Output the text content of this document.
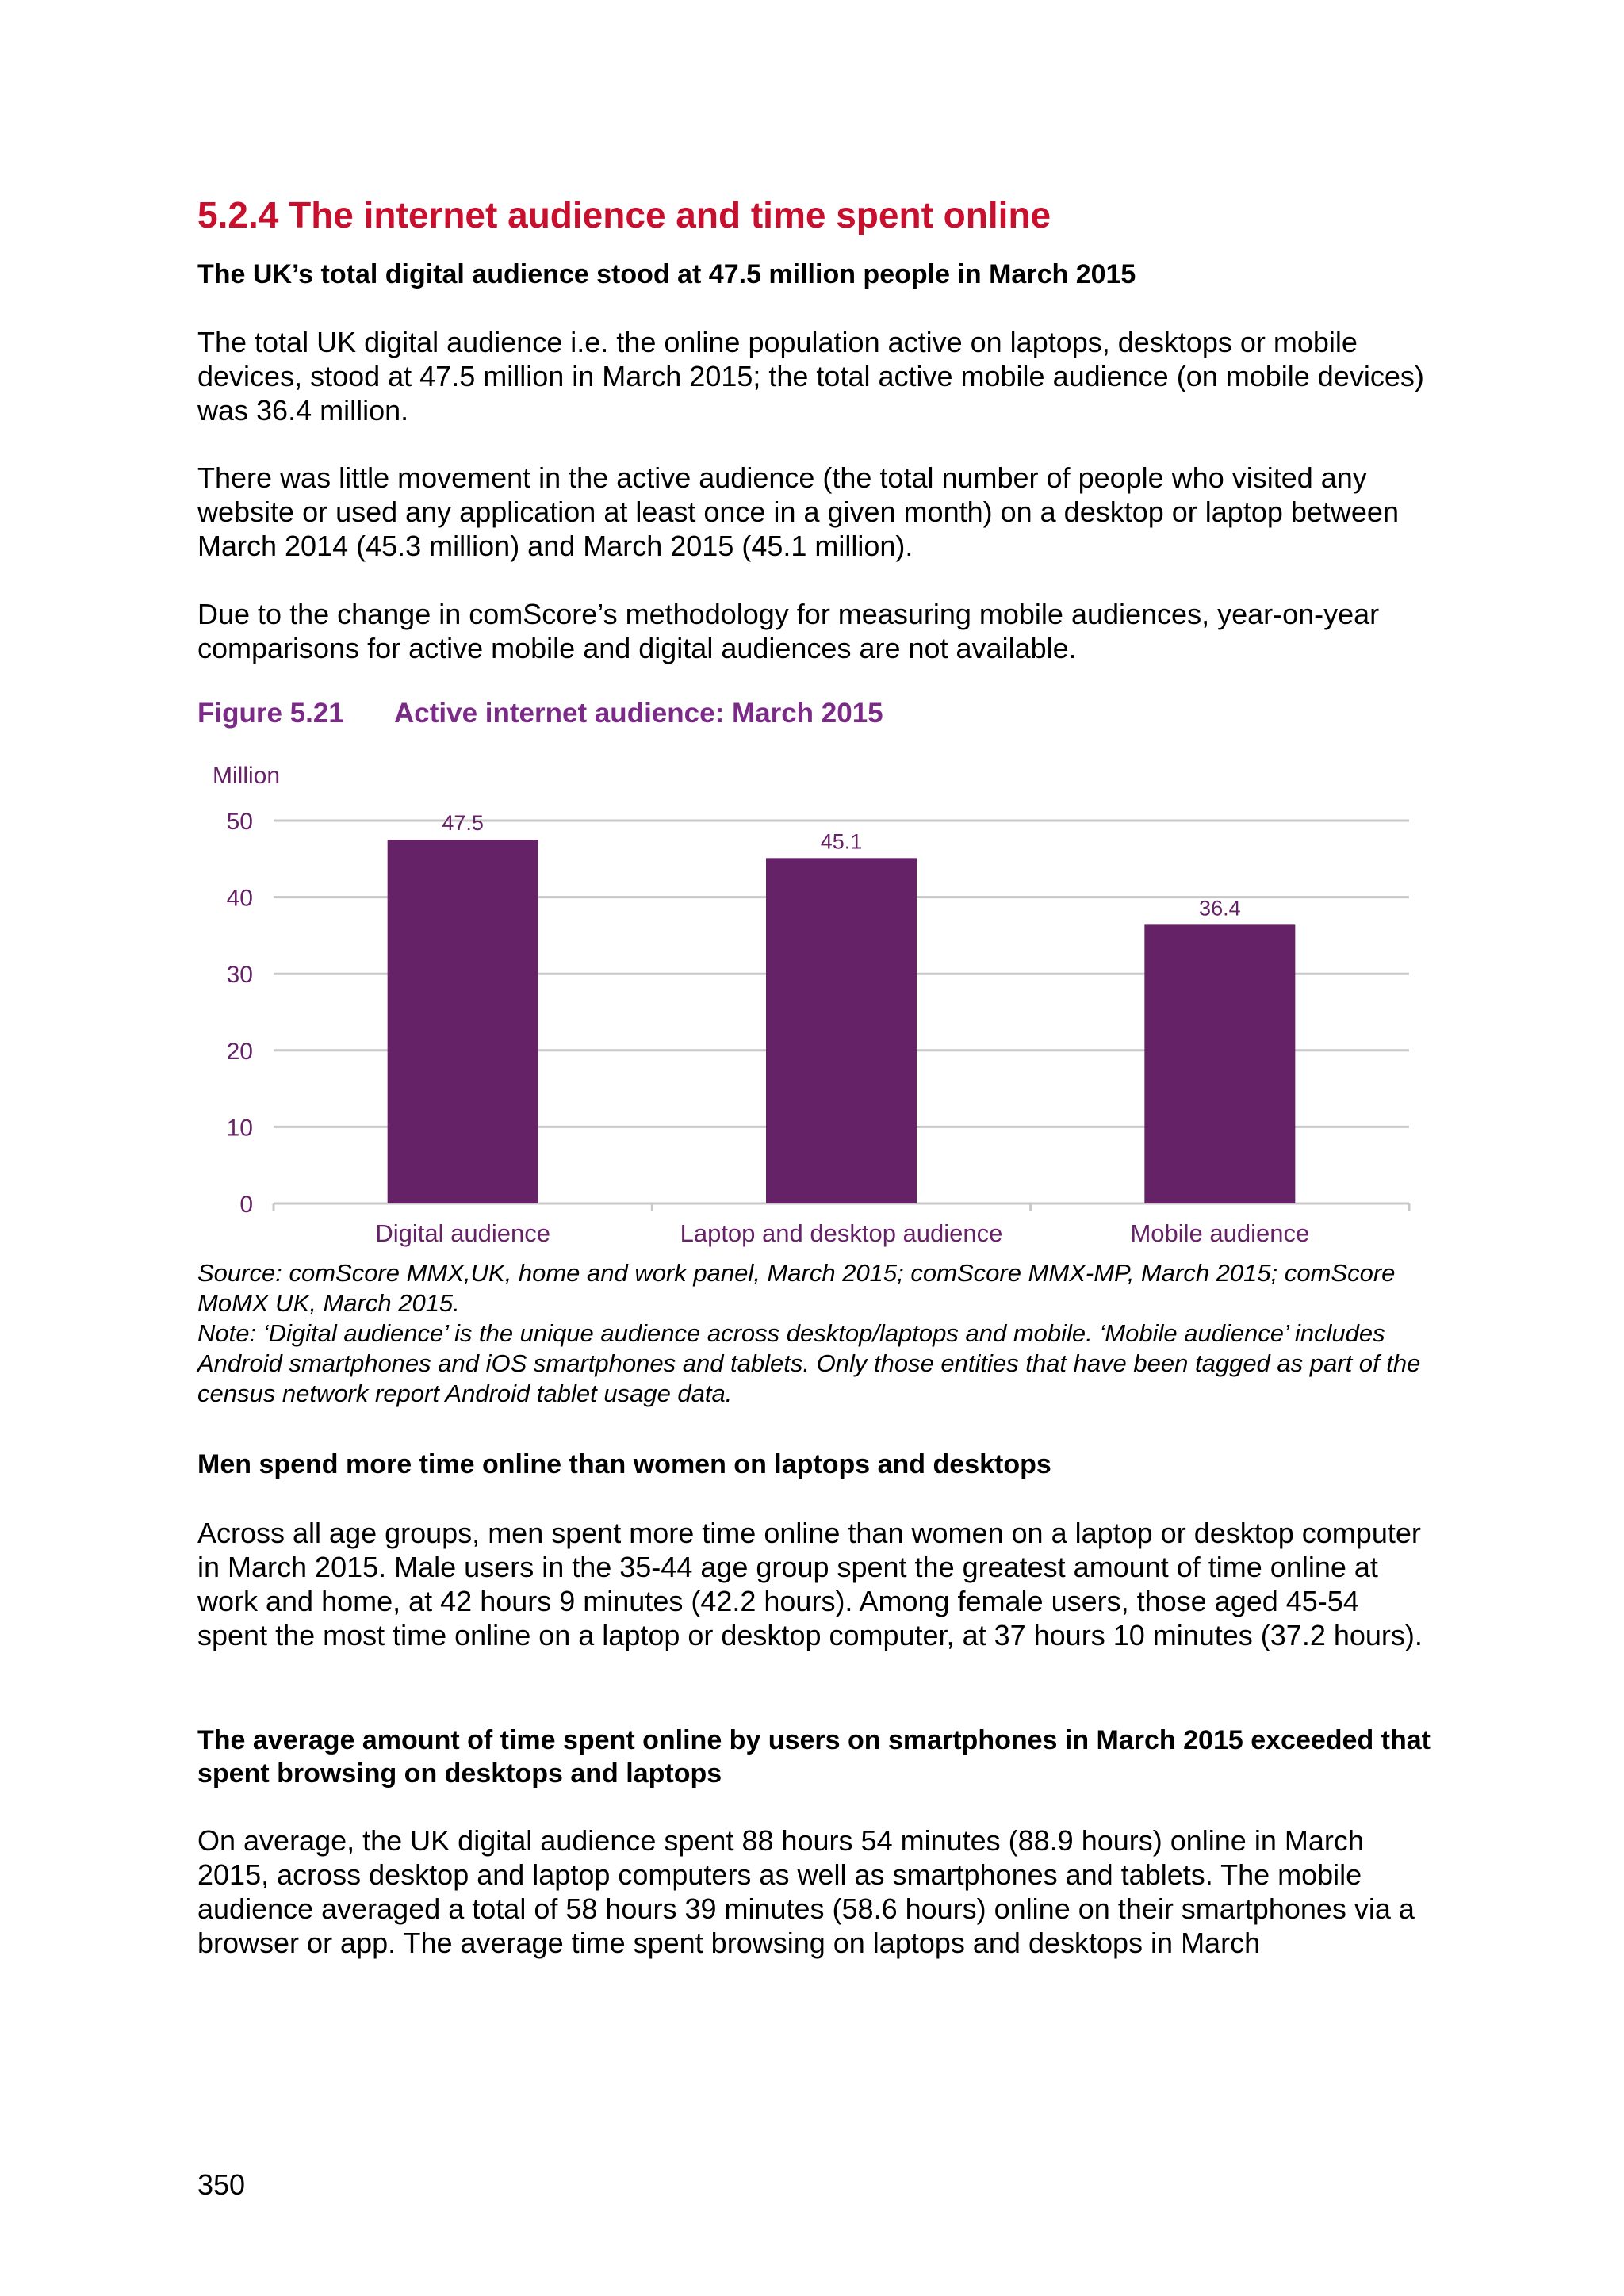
5.2.4 The internet audience and time spent online

The UK’s total digital audience stood at 47.5 million people in March 2015

The total UK digital audience i.e. the online population active on laptops, desktops or mobile devices, stood at 47.5 million in March 2015; the total active mobile audience (on mobile devices) was 36.4 million.

There was little movement in the active audience (the total number of people who visited any website or used any application at least once in a given month) on a desktop or laptop between March 2014 (45.3 million) and March 2015 (45.1 million).

Due to the change in comScore’s methodology for measuring mobile audiences, year-on-year comparisons for active mobile and digital audiences are not available.

Figure 5.21 Active internet audience: March 2015

Million
0
10
20
30
40
50	47.5
Digital audience
45.1
Laptop and desktop audience
36.4
Mobile audience
Source: comScore MMX,UK, home and work panel, March 2015; comScore MMX-MP, March 2015; comScore MoMX UK, March 2015.
Note: ‘Digital audience’ is the unique audience across desktop/laptops and mobile. ‘Mobile audience’ includes Android smartphones and iOS smartphones and tablets. Only those entities that have been tagged as part of the census network report Android tablet usage data.

Men spend more time online than women on laptops and desktops

Across all age groups, men spent more time online than women on a laptop or desktop computer in March 2015. Male users in the 35-44 age group spent the greatest amount of time online at work and home, at 42 hours 9 minutes (42.2 hours). Among female users, those aged 45-54 spent the most time online on a laptop or desktop computer, at 37 hours 10 minutes (37.2 hours).

The average amount of time spent online by users on smartphones in March 2015 exceeded that spent browsing on desktops and laptops

On average, the UK digital audience spent 88 hours 54 minutes (88.9 hours) online in March 2015, across desktop and laptop computers as well as smartphones and tablets. The mobile audience averaged a total of 58 hours 39 minutes (58.6 hours) online on their smartphones via a browser or app. The average time spent browsing on laptops and desktops in March

350
